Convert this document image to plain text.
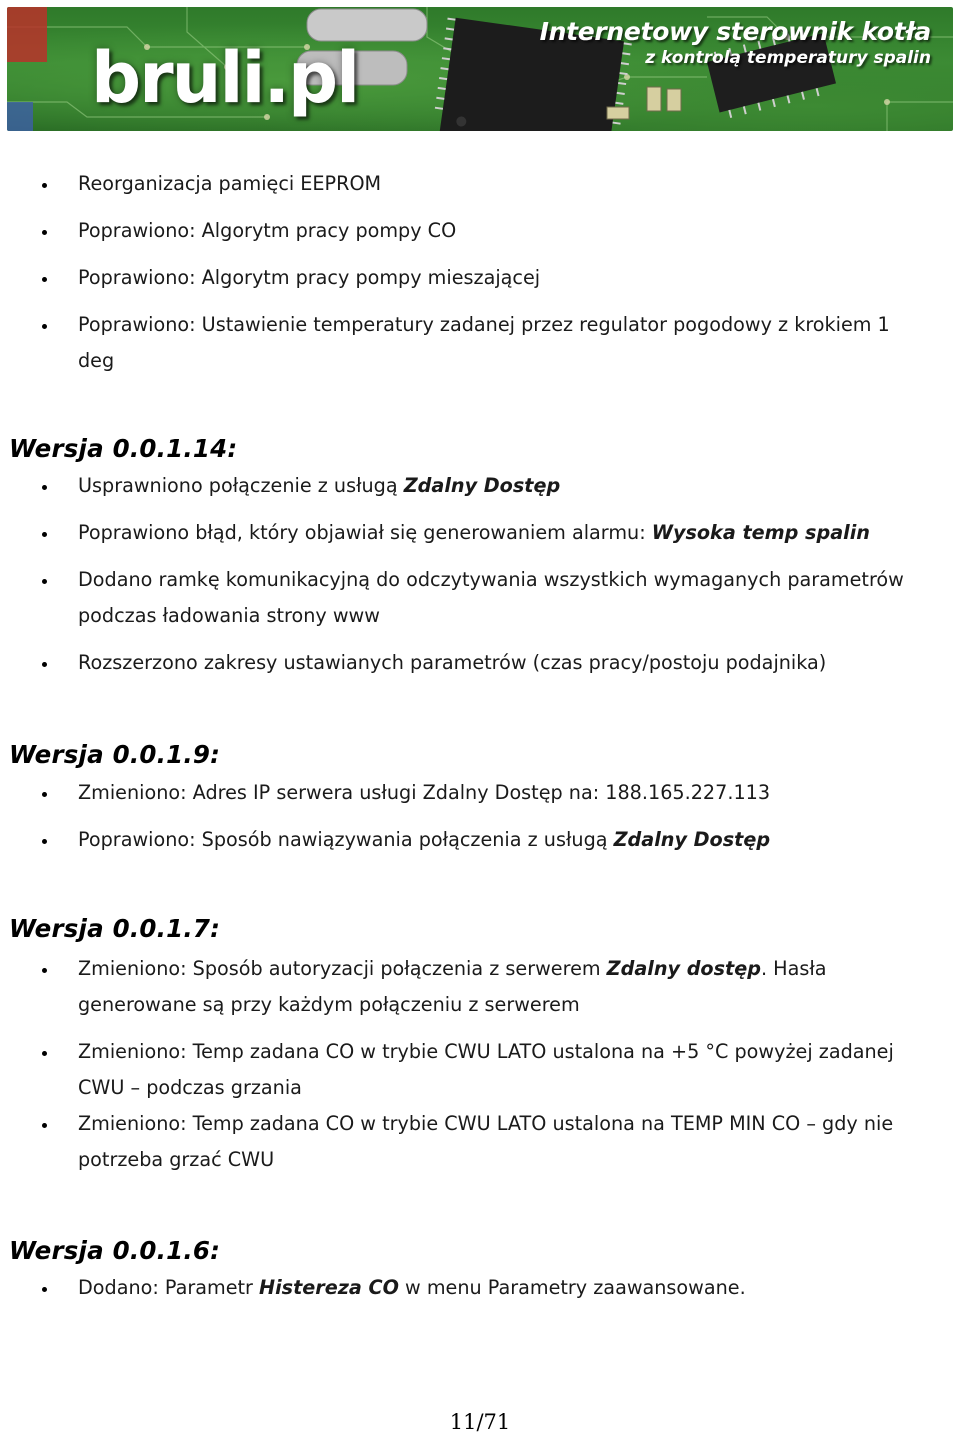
bruli.pl
Internetowy sterownik kotła
z kontrolą temperatury spalin
Reorganizacja pamięci EEPROM
Poprawiono: Algorytm pracy pompy CO
Poprawiono: Algorytm pracy pompy mieszającej
Poprawiono: Ustawienie temperatury zadanej przez regulator pogodowy z krokiem 1 deg
Wersja 0.0.1.14:
Usprawniono połączenie z usługą Zdalny Dostęp
Poprawiono błąd, który objawiał się generowaniem alarmu: Wysoka temp spalin
Dodano ramkę komunikacyjną do odczytywania wszystkich wymaganych parametrów podczas ładowania strony www
Rozszerzono zakresy ustawianych parametrów (czas pracy/postoju podajnika)
Wersja 0.0.1.9:
Zmieniono: Adres IP serwera usługi Zdalny Dostęp na: 188.165.227.113
Poprawiono: Sposób nawiązywania połączenia z usługą Zdalny Dostęp
Wersja 0.0.1.7:
Zmieniono: Sposób autoryzacji połączenia z serwerem Zdalny dostęp. Hasła generowane są przy każdym połączeniu z serwerem
Zmieniono: Temp zadana CO w trybie CWU LATO ustalona na +5 °C powyżej zadanej CWU – podczas grzania
Zmieniono: Temp zadana CO w trybie CWU LATO ustalona na TEMP MIN CO – gdy nie potrzeba grzać CWU
Wersja 0.0.1.6:
Dodano: Parametr Histereza CO w menu Parametry zaawansowane.
11/71
